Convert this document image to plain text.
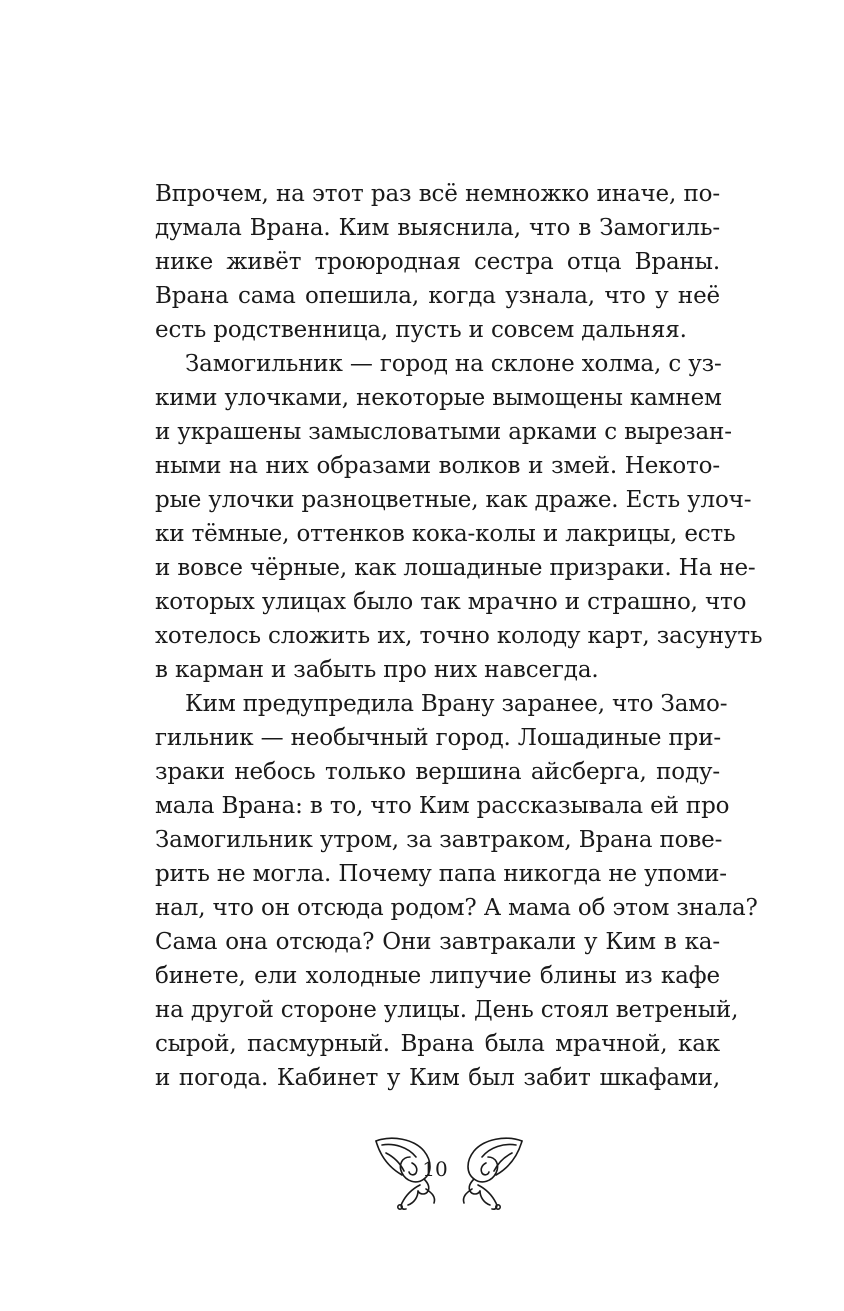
Впрочем, на этот раз всё немножко иначе, по-
думала Врана. Ким выяснила, что в Замогиль-
нике живёт троюродная сестра отца Враны.
Врана сама опешила, когда узнала, что у неё
есть родственница, пусть и совсем дальняя.
Замогильник — город на склоне холма, с уз-
кими улочками, некоторые вымощены камнем
и украшены замысловатыми арками с вырезан-
ными на них образами волков и змей. Некото-
рые улочки разноцветные, как драже. Есть улоч-
ки тёмные, оттенков кока-колы и лакрицы, есть
и вовсе чёрные, как лошадиные призраки. На не-
которых улицах было так мрачно и страшно, что
хотелось сложить их, точно колоду карт, засунуть
в карман и забыть про них навсегда.
Ким предупредила Врану заранее, что Замо-
гильник — необычный город. Лошадиные при-
зраки небось только вершина айсберга, поду-
мала Врана: в то, что Ким рассказывала ей про
Замогильник утром, за завтраком, Врана пове-
рить не могла. Почему папа никогда не упоми-
нал, что он отсюда родом? А мама об этом знала?
Сама она отсюда? Они завтракали у Ким в ка-
бинете, ели холодные липучие блины из кафе
на другой стороне улицы. День стоял ветреный,
сырой, пасмурный. Врана была мрачной, как
и погода. Кабинет у Ким был забит шкафами,
10
